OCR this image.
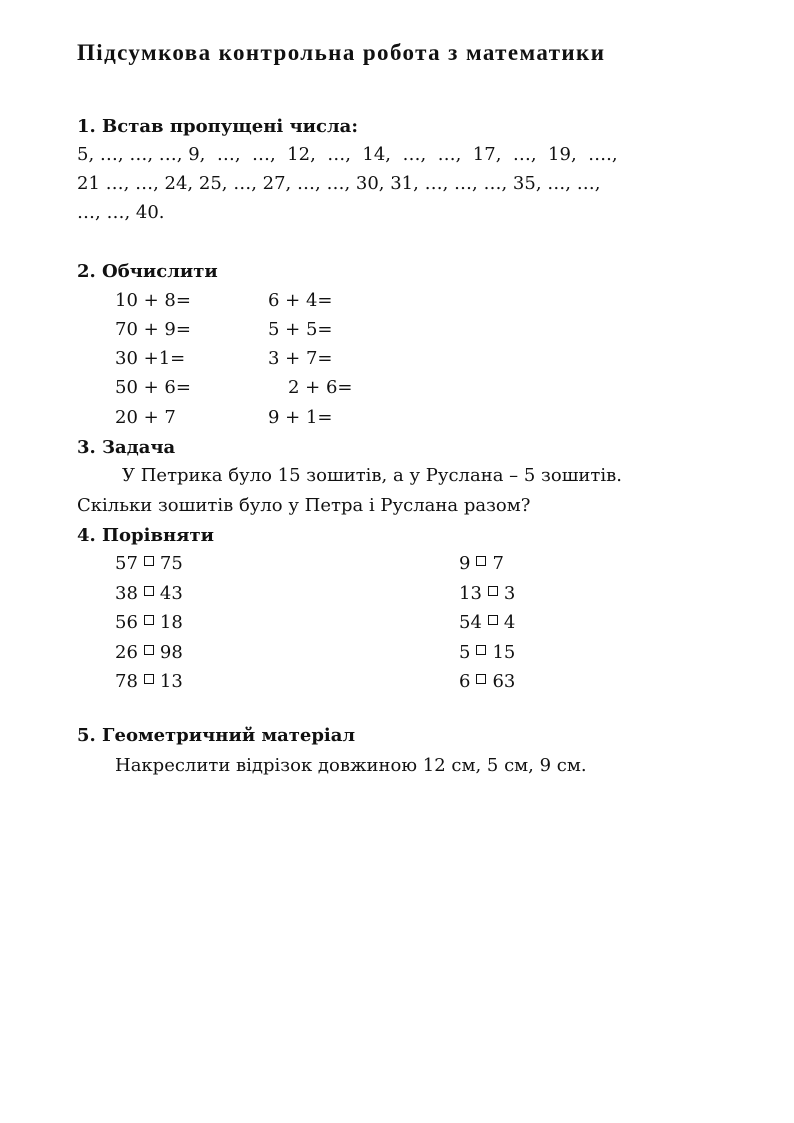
Підсумкова контрольна робота з математики
1. Встав пропущені числа:
5, …, …, …, 9,  …,  …,  12,  …,  14,  …,  …,  17,  …,  19,  ….,
21 …, …, 24, 25, …, 27, …, …, 30, 31, …, …, …, 35, …, …,
…, …, 40.
2. Обчислити
10 + 8=
70 + 9=
30 +1=
50 + 6=
20 + 7
6 + 4=
5 + 5=
3 + 7=
2 + 6=
9 + 1=
3. Задача
У Петрика було 15 зошитів, а у Руслана – 5 зошитів.
Скільки зошитів було у Петра і Руслана разом?
4. Порівняти
57 75
38 43
56 18
26 98
78 13
9 7
13 3
54 4
5 15
6 63
5. Геометричний матеріал
Накреслити відрізок довжиною 12 см, 5 см, 9 см.
